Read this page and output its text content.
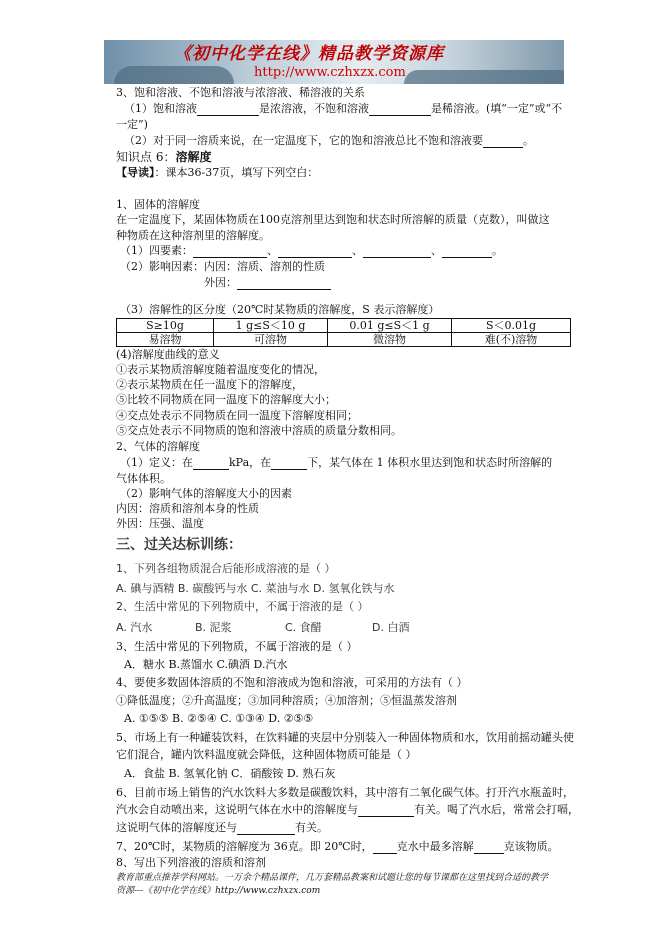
《初中化学在线》精品教学资源库
http://www.czhxzx.com
3、饱和溶液、不饱和溶液与浓溶液、稀溶液的关系
（1）饱和溶液	是浓溶液，不饱和溶液	是稀溶液。(填“一定”或“不
一定”)
（2）对于同一溶质来说，在一定温度下，它的饱和溶液总比不饱和溶液要	。
知识点 6：溶解度
【导读】：课本36-37页，填写下列空白：
1、固体的溶解度
在一定温度下，某固体物质在100克溶剂里达到饱和状态时所溶解的质量（克数），叫做这
种物质在这种溶剂里的溶解度。
（1）四要素：	、	、	、	。
（2）影响因素：内因：溶质、溶剂的性质
外因：
（3）溶解性的区分度（20℃时某物质的溶解度，S 表示溶解度）
S≥10g	1 g≤S＜10 g	0.01 g≤S＜1 g	S＜0.01g
易溶物	可溶物	微溶物	难(不)溶物
(4)溶解度曲线的意义
①表示某物质溶解度随着温度变化的情况，
②表示某物质在任一温度下的溶解度，
⑤比较不同物质在同一温度下的溶解度大小；
④交点处表示不同物质在同一温度下溶解度相同；
⑤交点处表示不同物质的饱和溶液中溶质的质量分数相同。
2、气体的溶解度
（1）定义：在	kPa，在	下，某气体在 1 体积水里达到饱和状态时所溶解的
气体体积。
（2）影响气体的溶解度大小的因素
内因：溶质和溶剂本身的性质
外因：压强、温度
三、过关达标训练：
1、下列各组物质混合后能形成溶液的是（ ）
A. 碘与酒精 B. 碳酸钙与水 C. 菜油与水 D. 氢氧化铁与水
2、生活中常见的下列物质中，不属于溶液的是（ ）
A. 汽水	B. 泥浆	C. 食醋	D. 白酒
3、生活中常见的下列物质，不属于溶液的是（ ）
A．糖水 B.蒸馏水 C.碘酒 D.汽水
4、要使多数固体溶质的不饱和溶液成为饱和溶液，可采用的方法有（ ）
①降低温度；②升高温度；③加同种溶质；④加溶剂；⑤恒温蒸发溶剂
A. ①⑤⑤ B. ②⑤④ C. ①③④ D. ②⑤⑤
5、市场上有一种罐装饮料，在饮料罐的夹层中分别装入一种固体物质和水，饮用前摇动罐头使
它们混合，罐内饮料温度就会降低，这种固体物质可能是（ ）
A．食盐 B. 氢氧化钠 C．硝酸铵 D. 熟石灰
6、目前市场上销售的汽水饮料大多数是碳酸饮料，其中溶有二氧化碳气体。打开汽水瓶盖时，
汽水会自动喷出来，这说明气体在水中的溶解度与	有关。喝了汽水后，常常会打嗝，
这说明气体的溶解度还与	有关。
7、20℃时，某物质的溶解度为 36克。即 20℃时， 克水中最多溶解	克该物质。
8、写出下列溶液的溶质和溶剂
教育部重点推荐学科网站。一万余个精品课件，几万套精品教案和试题让您的每节课都在这里找到合适的教学
资源---《初中化学在线》http://www.czhxzx.com
